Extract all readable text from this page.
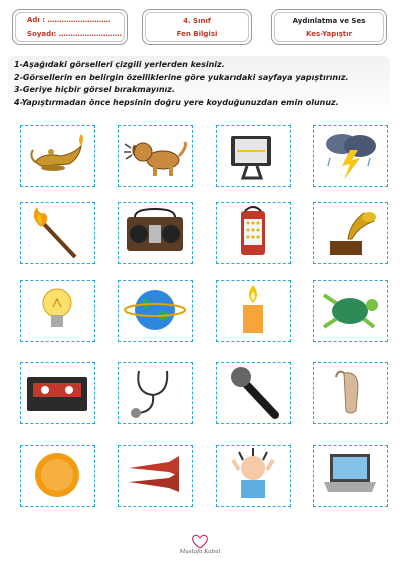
Adı : ………………………
Soyadı: ………………………
4. Sınıf
Fen Bilgisi
Aydınlatma ve Ses
Kes-Yapıştır
1-Aşağıdaki görselleri çizgili yerlerden kesiniz.
2-Görsellerin en belirgin özelliklerine göre yukarıdaki sayfaya yapıştırınız.
3-Geriye hiçbir görsel bırakmayınız.
4-Yapıştırmadan önce hepsinin doğru yere koyduğunuzdan emin olunuz.
Mustafa Kabul
